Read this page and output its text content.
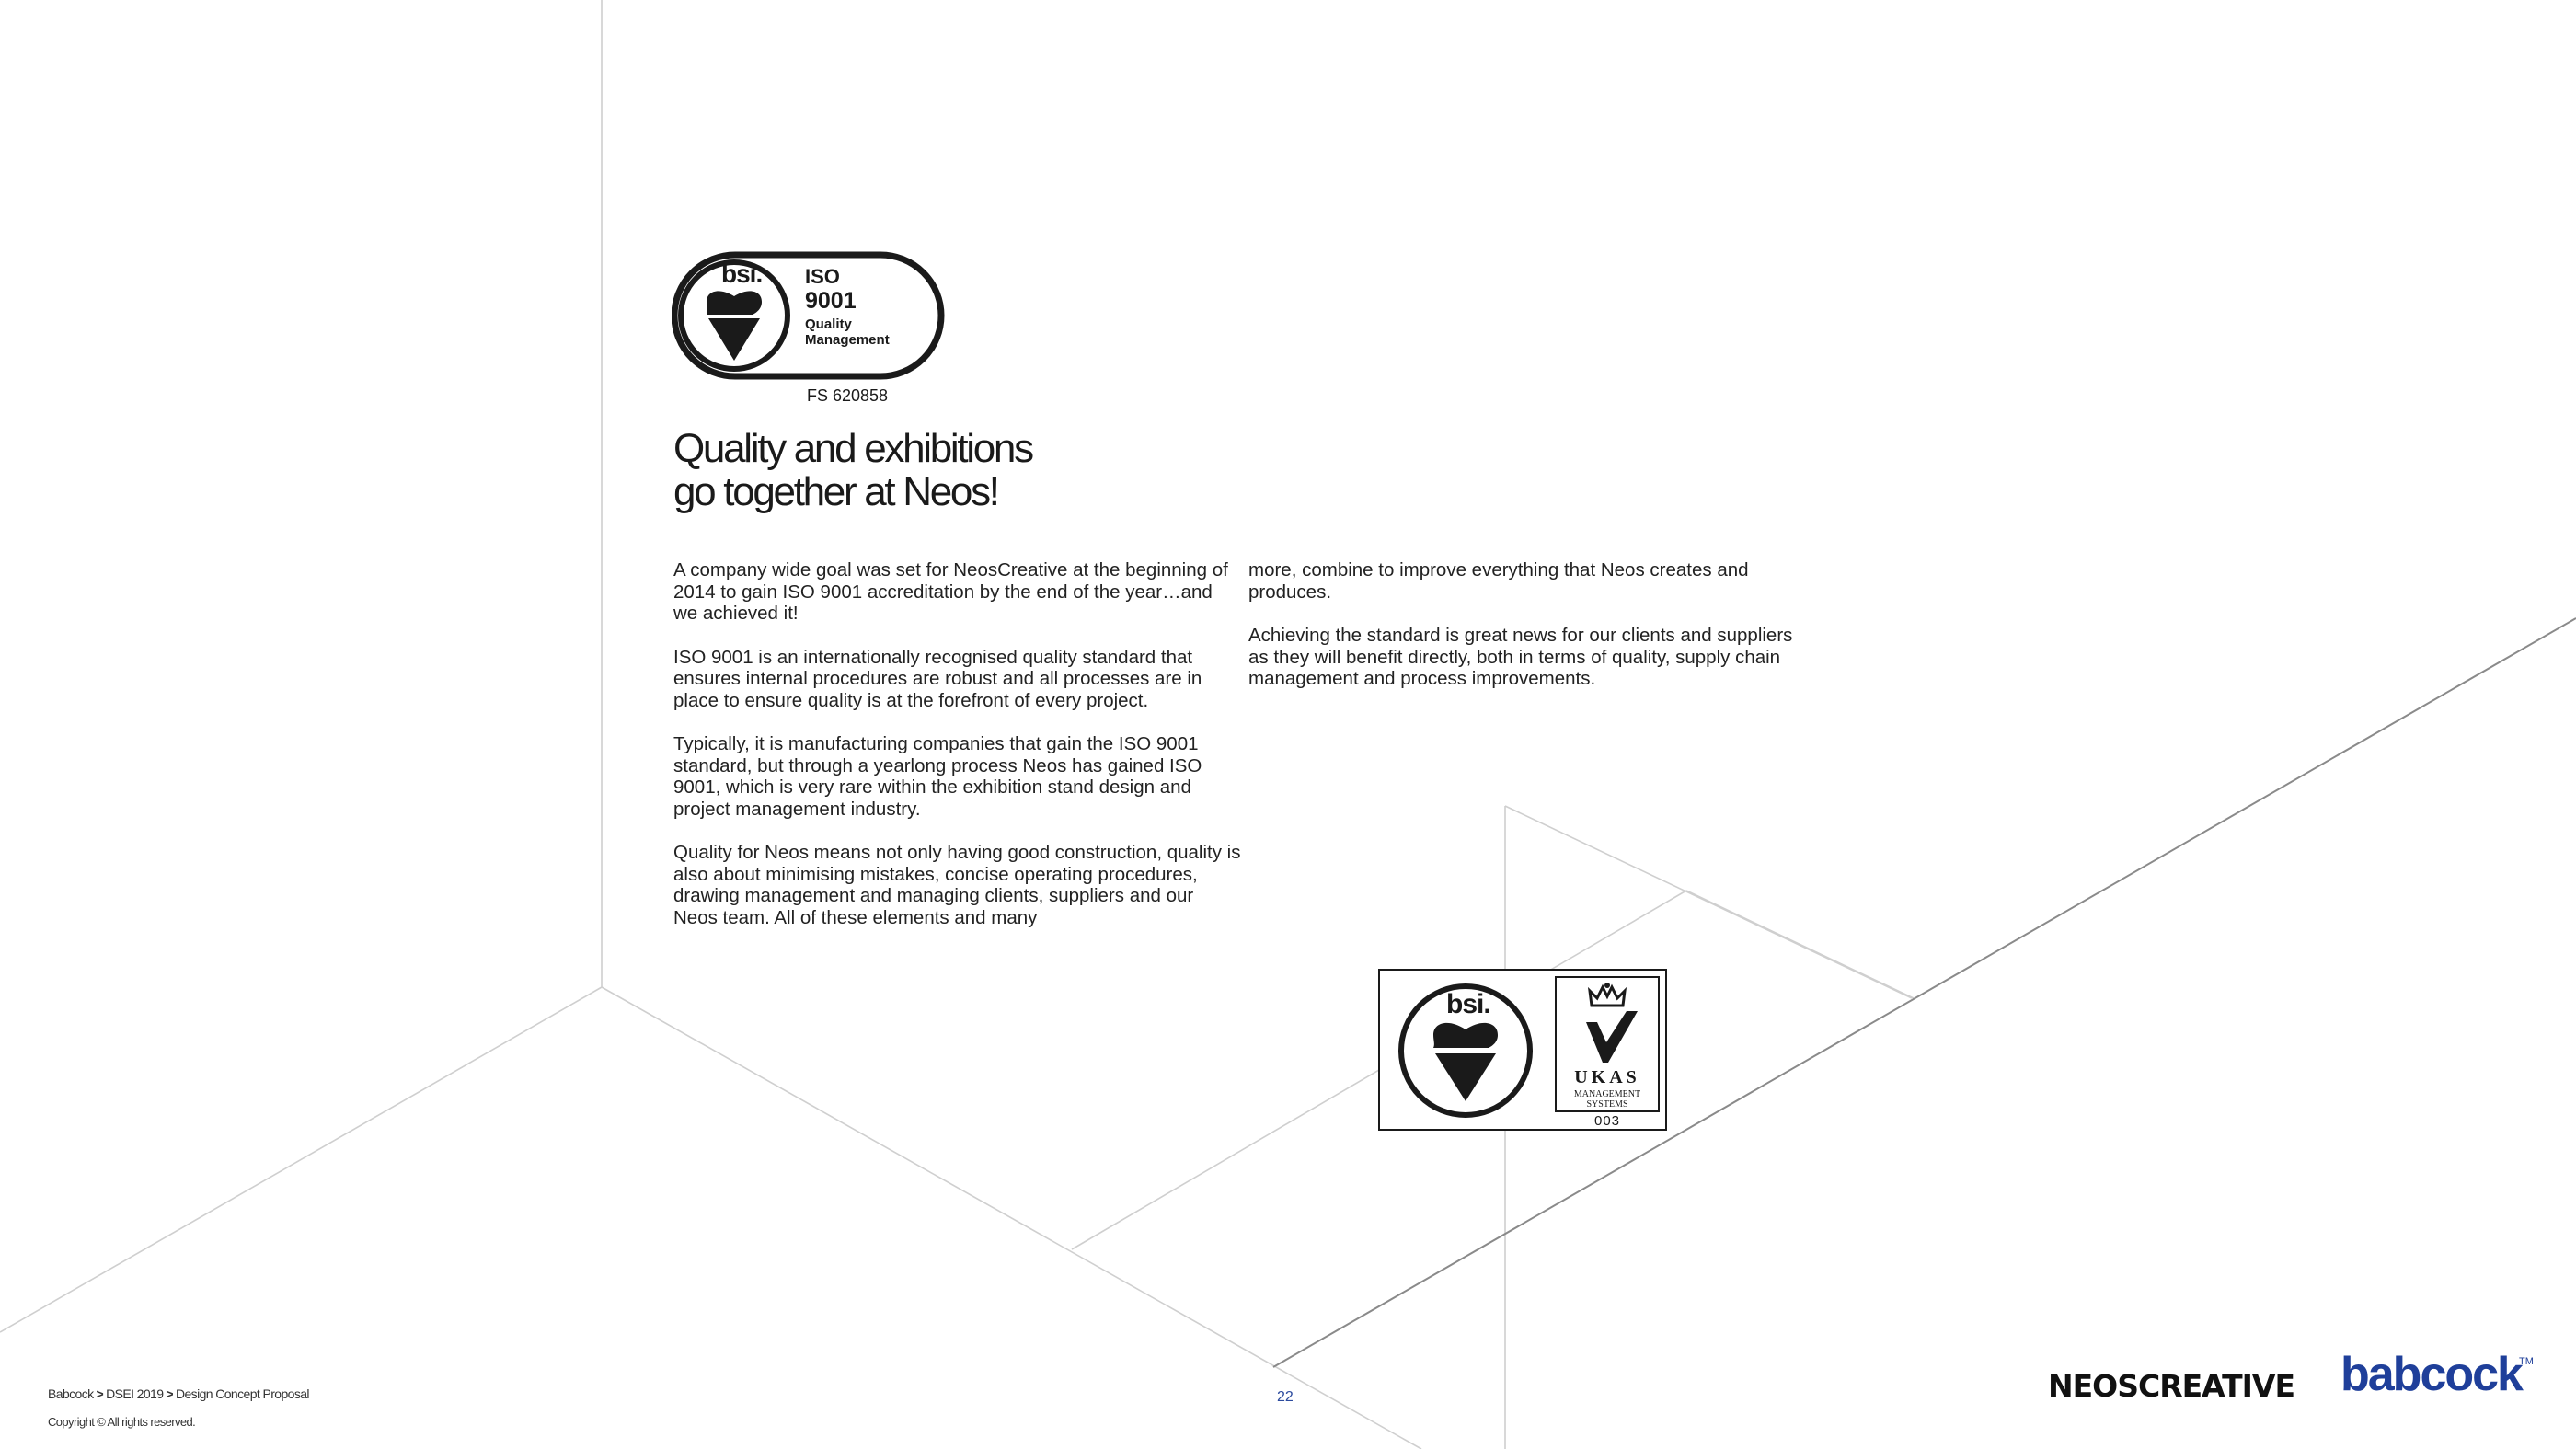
bsi. ISO
9001
Quality
Management
FS 620858
Quality and exhibitions
go together at Neos!

A company wide goal was set for NeosCreative at the beginning of 2014 to gain ISO 9001 accreditation by the end of the year…and
we achieved it!

ISO 9001 is an internationally recognised quality standard that ensures internal procedures are robust and all processes are in place to ensure quality is at the forefront of every project.

Typically, it is manufacturing companies that gain the ISO 9001 standard, but through a yearlong process Neos has gained ISO 9001, which is very rare within the exhibition stand design and project management industry.

Quality for Neos means not only having good construction, quality is also about minimising mistakes, concise operating procedures, drawing management and managing clients, suppliers and our Neos team. All of these elements and many

more, combine to improve everything that Neos creates and produces.

Achieving the standard is great news for our clients and suppliers as they will benefit directly, both in terms of quality, supply chain management and process improvements.

bsi.
UKAS
MANAGEMENT
SYSTEMS
003
Babcock > DSEI 2019 > Design Concept Proposal
Copyright © All rights reserved.
22	NEOSCREATIVE babcock
TM
